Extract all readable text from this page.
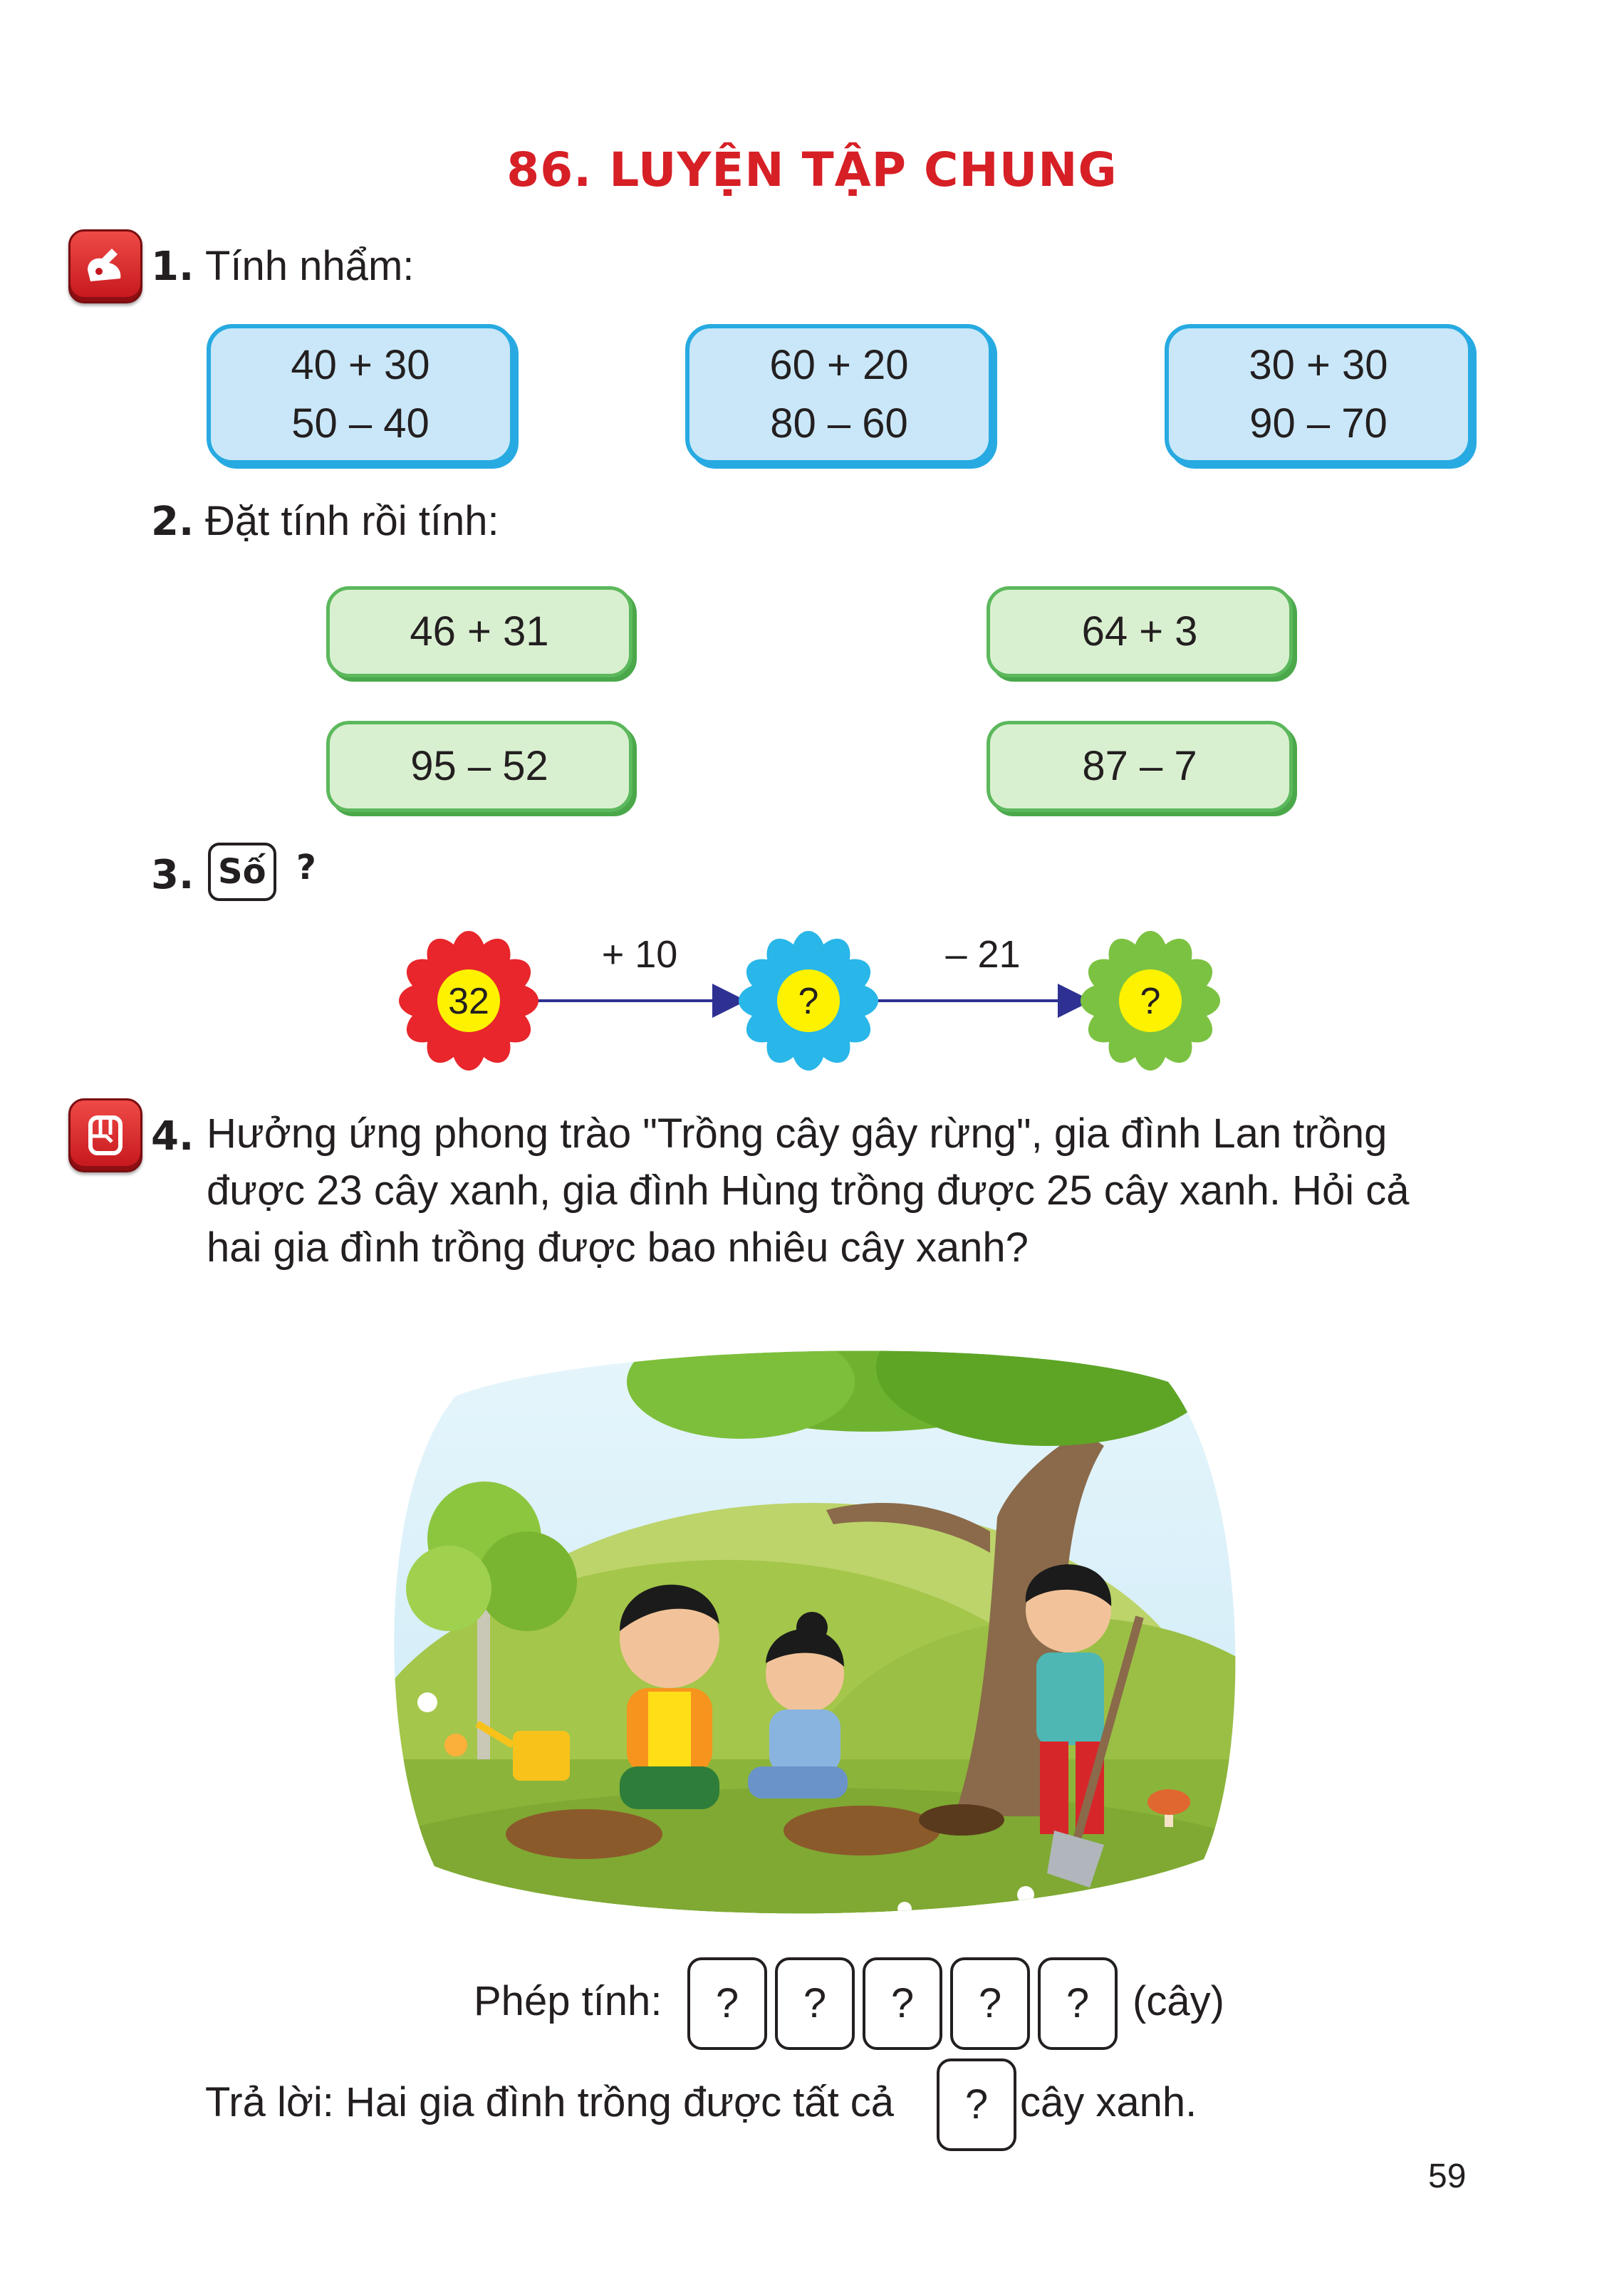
86. LUYỆN TẬP CHUNG
1. Tính nhẩm:
40 + 30
50 – 40
60 + 20
80 – 60
30 + 30
90 – 70
2. Đặt tính rồi tính:
46 + 31	64 + 3
95 – 52	87 – 7
3. Số ?
32	?	?
+ 10	– 21
4. Hưởng ứng phong trào "Trồng cây gây rừng", gia đình Lan trồng
được 23 cây xanh, gia đình Hùng trồng được 25 cây xanh. Hỏi cả
hai gia đình trồng được bao nhiêu cây xanh?
Phép tính:	?	?	?	?	?	(cây)
Trả lời: Hai gia đình trồng được tất cả	? cây xanh.
59
